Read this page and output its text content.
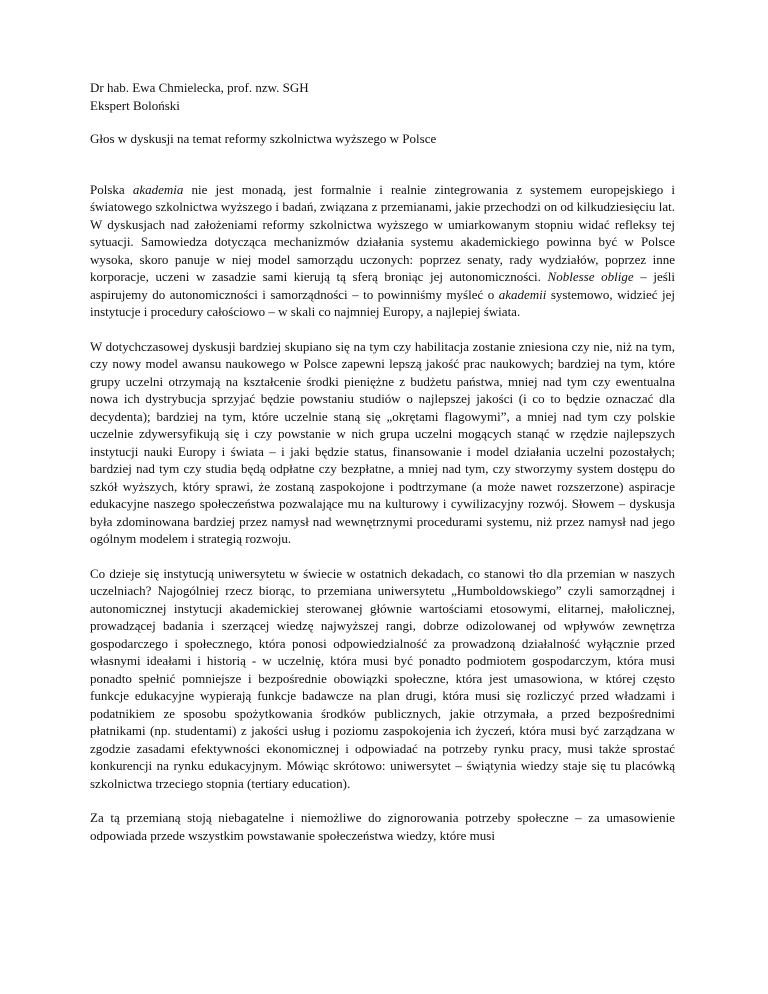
Dr hab. Ewa Chmielecka, prof. nzw. SGH

Ekspert Boloński

Głos w dyskusji na temat reformy szkolnictwa wyższego w Polsce

Polska akademia nie jest monadą, jest formalnie i realnie zintegrowania z systemem europejskiego i światowego szkolnictwa wyższego i badań, związana z przemianami, jakie przechodzi on od kilkudziesięciu lat. W dyskusjach nad założeniami reformy szkolnictwa wyższego w umiarkowanym stopniu widać refleksy tej sytuacji. Samowiedza dotycząca mechanizmów działania systemu akademickiego powinna być w Polsce wysoka, skoro panuje w niej model samorządu uczonych: poprzez senaty, rady wydziałów, poprzez inne korporacje, uczeni w zasadzie sami kierują tą sferą broniąc jej autonomiczności. Noblesse oblige – jeśli aspirujemy do autonomiczności i samorządności – to powinniśmy myśleć o akademii systemowo, widzieć jej instytucje i procedury całościowo – w skali co najmniej Europy, a najlepiej świata.

W dotychczasowej dyskusji bardziej skupiano się na tym czy habilitacja zostanie zniesiona czy nie, niż na tym, czy nowy model awansu naukowego w Polsce zapewni lepszą jakość prac naukowych; bardziej na tym, które grupy uczelni otrzymają na kształcenie środki pieniężne z budżetu państwa, mniej nad tym czy ewentualna nowa ich dystrybucja sprzyjać będzie powstaniu studiów o najlepszej jakości (i co to będzie oznaczać dla decydenta); bardziej na tym, które uczelnie staną się „okrętami flagowymi”, a mniej nad tym czy polskie uczelnie zdywersyfikują się i czy powstanie w nich grupa uczelni mogących stanąć w rzędzie najlepszych instytucji nauki Europy i świata – i jaki będzie status, finansowanie i model działania uczelni pozostałych; bardziej nad tym czy studia będą odpłatne czy bezpłatne, a mniej nad tym, czy stworzymy system dostępu do szkół wyższych, który sprawi, że zostaną zaspokojone i podtrzymane (a może nawet rozszerzone) aspiracje edukacyjne naszego społeczeństwa pozwalające mu na kulturowy i cywilizacyjny rozwój. Słowem – dyskusja była zdominowana bardziej przez namysł nad wewnętrznymi procedurami systemu, niż przez namysł nad jego ogólnym modelem i strategią rozwoju.

Co dzieje się instytucją uniwersytetu w świecie w ostatnich dekadach, co stanowi tło dla przemian w naszych uczelniach? Najogólniej rzecz biorąc, to przemiana uniwersytetu „Humboldowskiego” czyli samorządnej i autonomicznej instytucji akademickiej sterowanej głównie wartościami etosowymi, elitarnej, małolicznej, prowadzącej badania i szerzącej wiedzę najwyższej rangi, dobrze odizolowanej od wpływów zewnętrza gospodarczego i społecznego, która ponosi odpowiedzialność za prowadzoną działalność wyłącznie przed własnymi ideałami i historią - w uczelnię, która musi być ponadto podmiotem gospodarczym, która musi ponadto spełnić pomniejsze i bezpośrednie obowiązki społeczne, która jest umasowiona, w której często funkcje edukacyjne wypierają funkcje badawcze na plan drugi, która musi się rozliczyć przed władzami i podatnikiem ze sposobu spożytkowania środków publicznych, jakie otrzymała, a przed bezpośrednimi płatnikami (np. studentami) z jakości usług i poziomu zaspokojenia ich życzeń, która musi być zarządzana w zgodzie zasadami efektywności ekonomicznej i odpowiadać na potrzeby rynku pracy, musi także sprostać konkurencji na rynku edukacyjnym. Mówiąc skrótowo: uniwersytet – świątynia wiedzy staje się tu placówką szkolnictwa trzeciego stopnia (tertiary education).

Za tą przemianą stoją niebagatelne i niemożliwe do zignorowania potrzeby społeczne – za umasowienie odpowiada przede wszystkim powstawanie społeczeństwa wiedzy, które musi
